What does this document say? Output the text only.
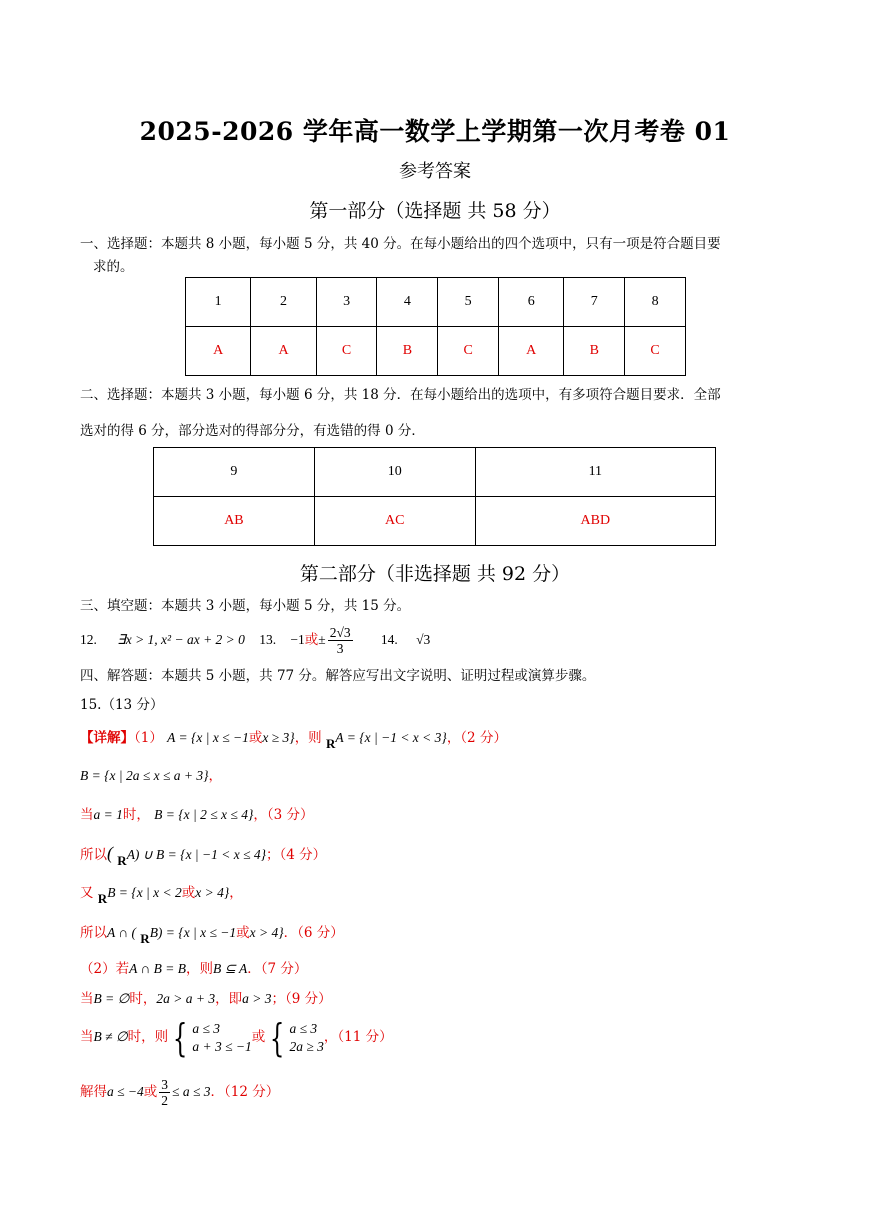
2025-2026 学年高一数学上学期第一次月考卷 01
参考答案
第一部分（选择题 共 58 分）
一、选择题：本题共 8 小题，每小题 5 分，共 40 分。在每小题给出的四个选项中，只有一项是符合题目要
求的。
1	2	3	4	5	6	7	8
A	A	C	B	C	A	B	C
二、选择题：本题共 3 小题，每小题 6 分，共 18 分．在每小题给出的选项中，有多项符合题目要求．全部
选对的得 6 分，部分选对的得部分分，有选错的得 0 分．
9	10	11
AB	AC	ABD
第二部分（非选择题 共 92 分）
三、填空题：本题共 3 小题，每小题 5 分，共 15 分。
12. ∃x > 1, x² − ax + 2 > 0 13. −1或± $\frac{2√3}{3} 14$. √3
四、解答题：本题共 5 小题，共 77 分。解答应写出文字说明、证明过程或演算步骤。
15.（13 分）
【详解】（1） A = {x | x ≤ −1或x ≥ 3}，则 RA = {x | −1 < x < 3}，（2 分）
B = {x | 2a ≤ x ≤ a + 3}，
当a = 1时， B = {x | 2 ≤ x ≤ 4}，（3 分）
所以( RA) ∪ B = {x | −1 < x ≤ 4}；（4 分）
又 RB = {x | x < 2或x > 4}，
所以A ∩ ( RB) = {x | x ≤ −1或x > 4}．（6 分）
（2）若A ∩ B = B，则B ⊆ A．（7 分）
当B = ∅时，2a > a + 3，即a > 3；（9 分）
当B ≠ ∅时，则 { a ≤ 3
a + 3 ≤ −1
或 { a ≤ 3
2a ≥ 3
，（11 分）
解得a ≤ −4或 $\frac{3}{2} \le a \le 3$．（12 分）
